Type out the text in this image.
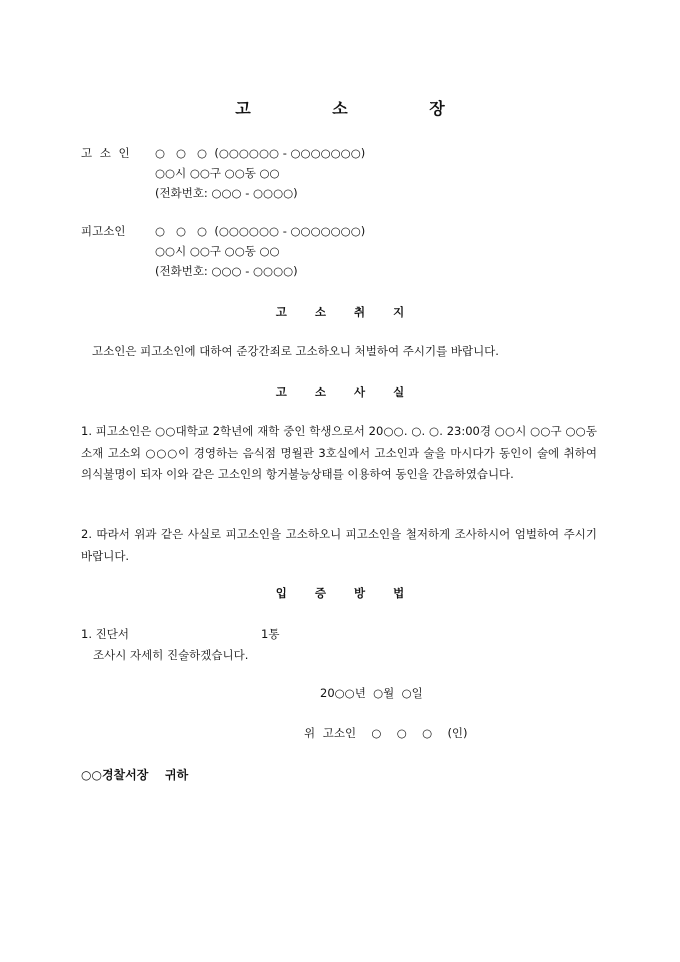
고 소 장
고 소 인	○   ○   ○  (○○○○○○ - ○○○○○○○)
○○시 ○○구 ○○동 ○○
(전화번호: ○○○ - ○○○○)
피고소인	○   ○   ○  (○○○○○○ - ○○○○○○○)
○○시 ○○구 ○○동 ○○
(전화번호: ○○○ - ○○○○)
고 소 취 지
고소인은 피고소인에 대하여 준강간죄로 고소하오니 처벌하여 주시기를 바랍니다.
고 소 사 실
1. 피고소인은 ○○대학교 2학년에 재학 중인 학생으로서 20○○. ○. ○. 23:00경 ○○시 ○○구 ○○동 소재 고소외 ○○○이 경영하는 음식점 명월관 3호실에서 고소인과 술을 마시다가 동인이 술에 취하여 의식불명이 되자 이와 같은 고소인의 항거불능상태를 이용하여 동인을 간음하였습니다.
2. 따라서 위과 같은 사실로 피고소인을 고소하오니 피고소인을 철저하게 조사하시어 엄벌하여 주시기 바랍니다.
입 증 방 법
1. 진단서	1통
조사시 자세히 진술하겠습니다.
20○○년  ○월  ○일
위 고소인  ○  ○  ○  (인)
○○경찰서장    귀하
